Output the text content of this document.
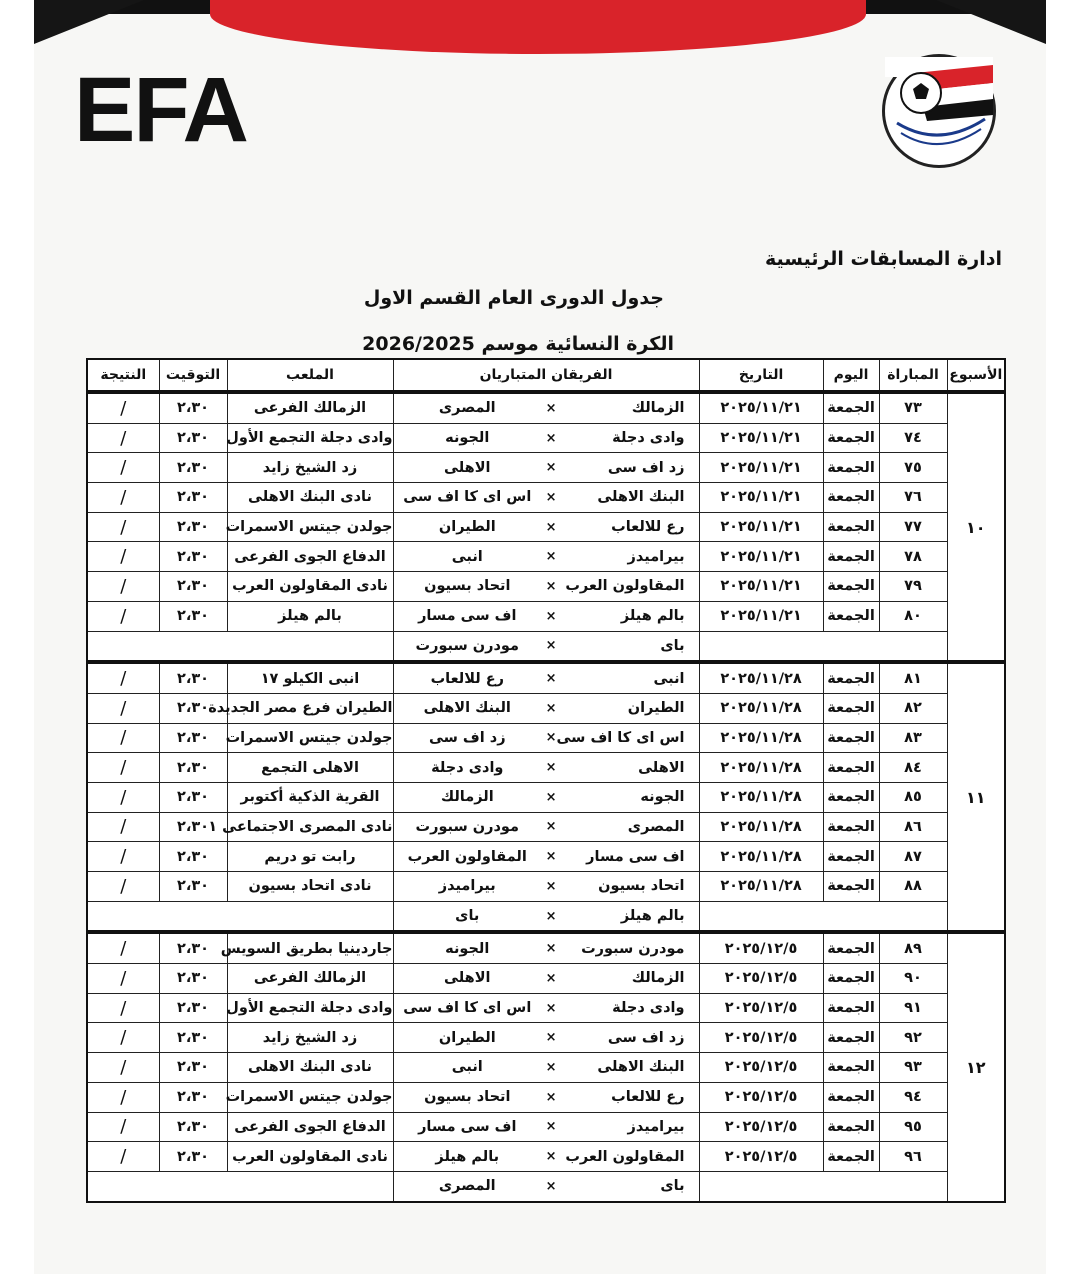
EFA
ادارة المسابقات الرئيسية
جدول الدورى العام القسم الاول
الكرة النسائية موسم 2026/2025
الأسبوع	المباراة	اليوم	التاريخ	الفريقان المتباريان			الملعب	التوقيت	النتيجة
١٠	٧٣	الجمعة	٢٠٢٥/١١/٢١	الزمالك	×	المصرى	الزمالك الفرعى	٢،٣٠	/
	٧٤	الجمعة	٢٠٢٥/١١/٢١	وادى دجلة	×	الجونه	وادى دجلة التجمع الأول	٢،٣٠	/
	٧٥	الجمعة	٢٠٢٥/١١/٢١	زد اف سى	×	الاهلى	زد الشيخ زايد	٢،٣٠	/
	٧٦	الجمعة	٢٠٢٥/١١/٢١	البنك الاهلى	×	اس اى كا اف سى	نادى البنك الاهلى	٢،٣٠	/
	٧٧	الجمعة	٢٠٢٥/١١/٢١	رع للالعاب	×	الطيران	جولدن جيتس الاسمرات	٢،٣٠	/
	٧٨	الجمعة	٢٠٢٥/١١/٢١	بيراميدز	×	انبى	الدفاع الجوى الفرعى	٢،٣٠	/
	٧٩	الجمعة	٢٠٢٥/١١/٢١	المقاولون العرب	×	اتحاد بسيون	نادى المقاولون العرب	٢،٣٠	/
	٨٠	الجمعة	٢٠٢٥/١١/٢١	بالم هيلز	×	اف سى مسار	بالم هيلز	٢،٣٠	/
				باى	×	مودرن سبورت			
١١	٨١	الجمعة	٢٠٢٥/١١/٢٨	انبى	×	رع للالعاب	انبى الكيلو ١٧	٢،٣٠	/
	٨٢	الجمعة	٢٠٢٥/١١/٢٨	الطيران	×	البنك الاهلى	الطيران فرع مصر الجديدة	٢،٣٠	/
	٨٣	الجمعة	٢٠٢٥/١١/٢٨	اس اى كا اف سى	×	زد اف سى	جولدن جيتس الاسمرات	٢،٣٠	/
	٨٤	الجمعة	٢٠٢٥/١١/٢٨	الاهلى	×	وادى دجلة	الاهلى التجمع	٢،٣٠	/
	٨٥	الجمعة	٢٠٢٥/١١/٢٨	الجونه	×	الزمالك	القرية الذكية أكتوبر	٢،٣٠	/
	٨٦	الجمعة	٢٠٢٥/١١/٢٨	المصرى	×	مودرن سبورت	نادى المصرى الاجتماعى ١	٢،٣٠	/
	٨٧	الجمعة	٢٠٢٥/١١/٢٨	اف سى مسار	×	المقاولون العرب	رابت تو دريم	٢،٣٠	/
	٨٨	الجمعة	٢٠٢٥/١١/٢٨	اتحاد بسيون	×	بيراميدز	نادى اتحاد بسيون	٢،٣٠	/
				بالم هيلز	×	باى			
١٢	٨٩	الجمعة	٢٠٢٥/١٢/٥	مودرن سبورت	×	الجونه	جاردينيا بطريق السويس	٢،٣٠	/
	٩٠	الجمعة	٢٠٢٥/١٢/٥	الزمالك	×	الاهلى	الزمالك الفرعى	٢،٣٠	/
	٩١	الجمعة	٢٠٢٥/١٢/٥	وادى دجلة	×	اس اى كا اف سى	وادى دجلة التجمع الأول	٢،٣٠	/
	٩٢	الجمعة	٢٠٢٥/١٢/٥	زد اف سى	×	الطيران	زد الشيخ زايد	٢،٣٠	/
	٩٣	الجمعة	٢٠٢٥/١٢/٥	البنك الاهلى	×	انبى	نادى البنك الاهلى	٢،٣٠	/
	٩٤	الجمعة	٢٠٢٥/١٢/٥	رع للالعاب	×	اتحاد بسيون	جولدن جيتس الاسمرات	٢،٣٠	/
	٩٥	الجمعة	٢٠٢٥/١٢/٥	بيراميدز	×	اف سى مسار	الدفاع الجوى الفرعى	٢،٣٠	/
	٩٦	الجمعة	٢٠٢٥/١٢/٥	المقاولون العرب	×	بالم هيلز	نادى المقاولون العرب	٢،٣٠	/
				باى	×	المصرى			
